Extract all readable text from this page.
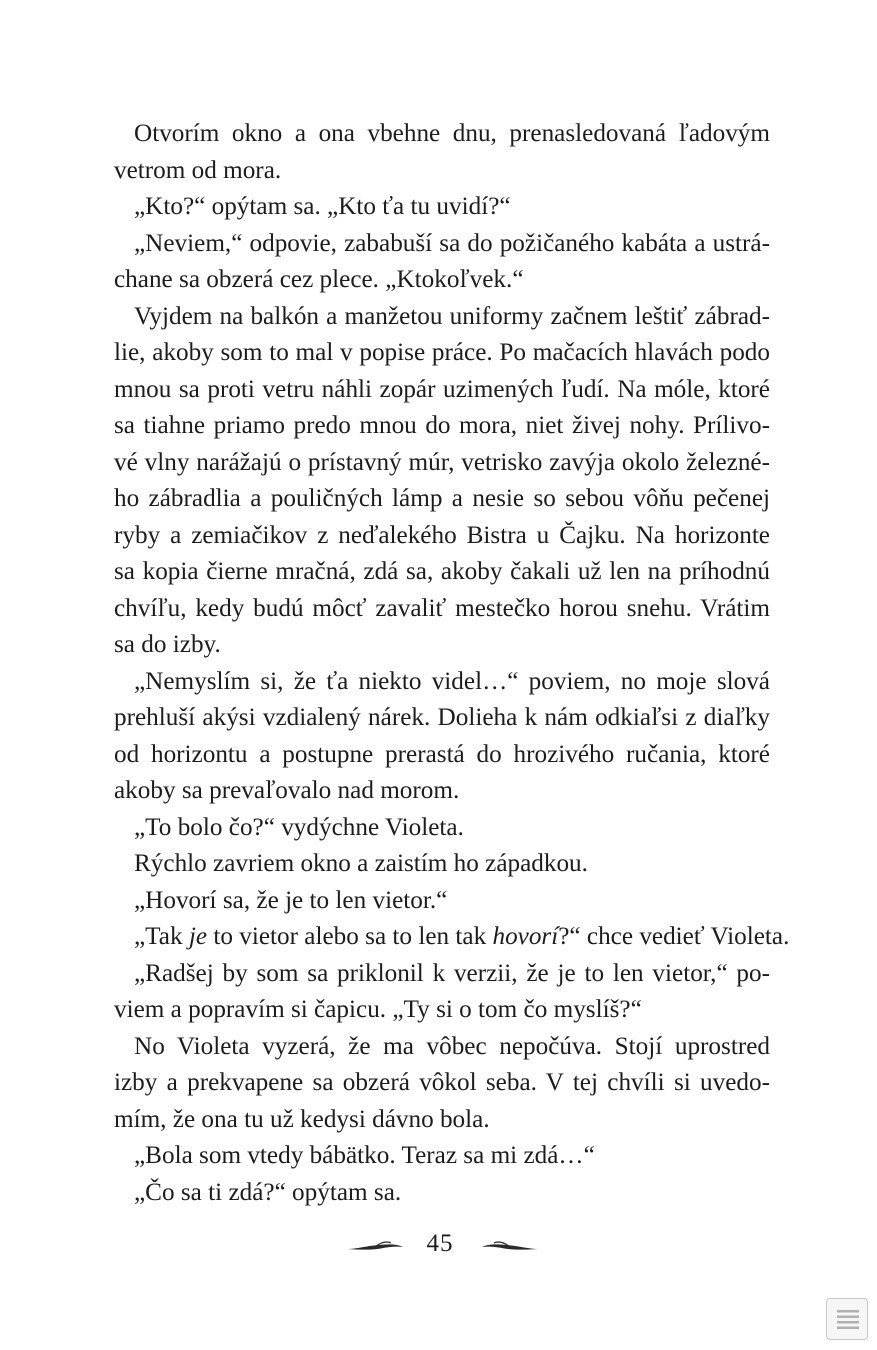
Otvorím okno a ona vbehne dnu, prenasledovaná ľadovým
vetrom od mora.
„Kto?“ opýtam sa. „Kto ťa tu uvidí?“
„Neviem,“ odpovie, zababuší sa do požičaného kabáta a ustrá-
chane sa obzerá cez plece. „Ktokoľvek.“
Vyjdem na balkón a manžetou uniformy začnem leštiť zábrad-
lie, akoby som to mal v popise práce. Po mačacích hlavách podo
mnou sa proti vetru náhli zopár uzimených ľudí. Na móle, ktoré
sa tiahne priamo predo mnou do mora, niet živej nohy. Prílivo-
vé vlny narážajú o prístavný múr, vetrisko zavýja okolo železné-
ho zábradlia a pouličných lámp a nesie so sebou vôňu pečenej
ryby a zemiačikov z neďalekého Bistra u Čajku. Na horizonte
sa kopia čierne mračná, zdá sa, akoby čakali už len na príhodnú
chvíľu, kedy budú môcť zavaliť mestečko horou snehu. Vrátim
sa do izby.
„Nemyslím si, že ťa niekto videl…“ poviem, no moje slová
prehluší akýsi vzdialený nárek. Dolieha k nám odkiaľsi z diaľky
od horizontu a postupne prerastá do hrozivého ručania, ktoré
akoby sa prevaľovalo nad morom.
„To bolo čo?“ vydýchne Violeta.
Rýchlo zavriem okno a zaistím ho západkou.
„Hovorí sa, že je to len vietor.“
„Tak je to vietor alebo sa to len tak hovorí?“ chce vedieť Violeta.
„Radšej by som sa priklonil k verzii, že je to len vietor,“ po-
viem a popravím si čapicu. „Ty si o tom čo myslíš?“
No Violeta vyzerá, že ma vôbec nepočúva. Stojí uprostred
izby a prekvapene sa obzerá vôkol seba. V tej chvíli si uvedo-
mím, že ona tu už kedysi dávno bola.
„Bola som vtedy bábätko. Teraz sa mi zdá…“
„Čo sa ti zdá?“ opýtam sa.
45
